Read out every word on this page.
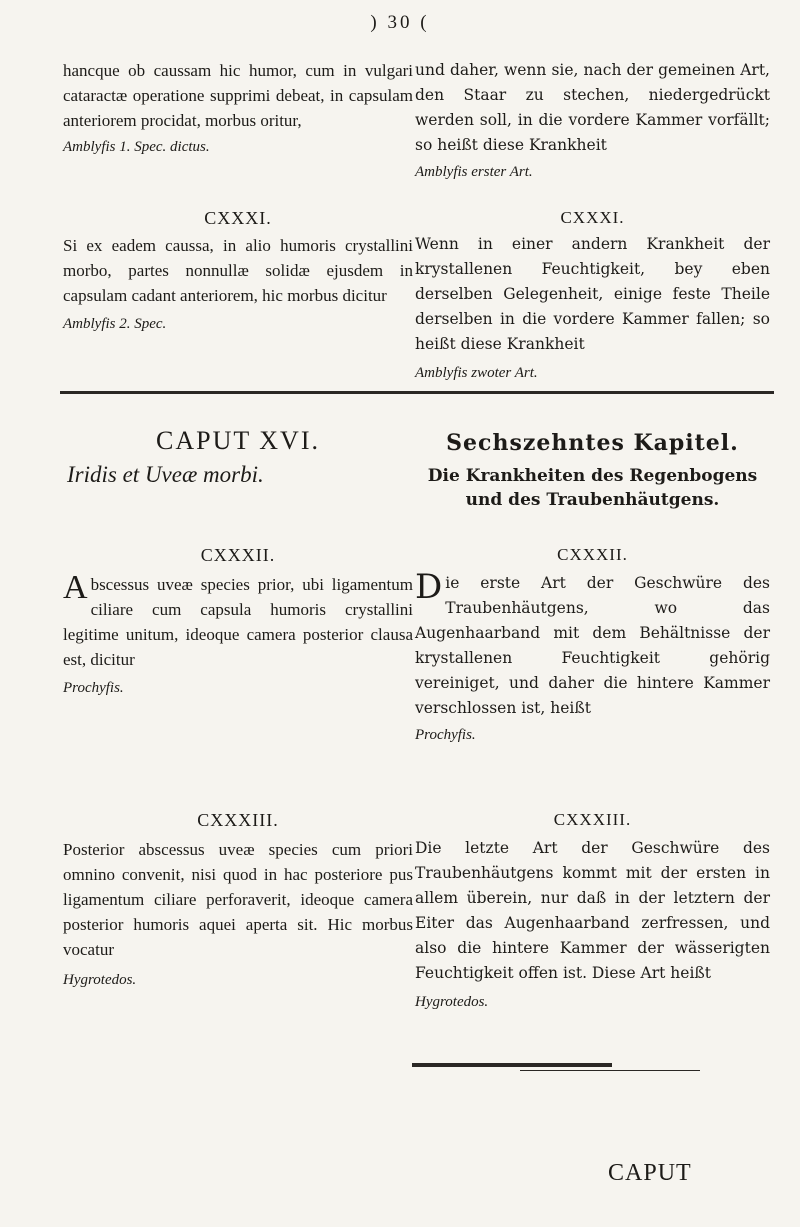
) 30 (

hancque ob caussam hic humor, cum in vulgari cataractæ operatione supprimi debeat, in capsulam anteriorem procidat, morbus oritur,

Amblyfis 1. Spec. dictus.

und daher, wenn sie, nach der gemeinen Art, den Staar zu stechen, niedergedrückt werden soll, in die vordere Kammer vorfällt; so heißt diese Krankheit

Amblyfis erster Art.
CXXXI.

Si ex eadem caussa, in alio humoris crystallini morbo, partes nonnullæ solidæ ejusdem in capsulam cadant anteriorem, hic morbus dicitur

Amblyfis 2. Spec.
CXXXI.

Wenn in einer andern Krankheit der krystallenen Feuchtigkeit, bey eben derselben Gelegenheit, einige feste Theile derselben in die vordere Kammer fallen; so heißt diese Krankheit

Amblyfis zwoter Art.
CAPUT XVI.
Iridis et Uveæ morbi.
Sechszehntes Kapitel.
Die Krankheiten des Regenbogens und des Traubenhäutgens.
CXXXII.

Abscessus uveæ species prior, ubi ligamentum ciliare cum capsula humoris crystallini legitime unitum, ideoque camera posterior clausa est, dicitur

Prochyfis.
CXXXII.

Die erste Art der Geschwüre des Traubenhäutgens, wo das Augenhaarband mit dem Behältnisse der krystallenen Feuchtigkeit gehörig vereiniget, und daher die hintere Kammer verschlossen ist, heißt

Prochyfis.
CXXXIII.

Posterior abscessus uveæ species cum priori omnino convenit, nisi quod in hac posteriore pus ligamentum ciliare perforaverit, ideoque camera posterior humoris aquei aperta sit. Hic morbus vocatur

Hygrotedos.
CXXXIII.

Die letzte Art der Geschwüre des Traubenhäutgens kommt mit der ersten in allem überein, nur daß in der letztern der Eiter das Augenhaarband zerfressen, und also die hintere Kammer der wässerigten Feuchtigkeit offen ist. Diese Art heißt

Hygrotedos.
CAPUT
